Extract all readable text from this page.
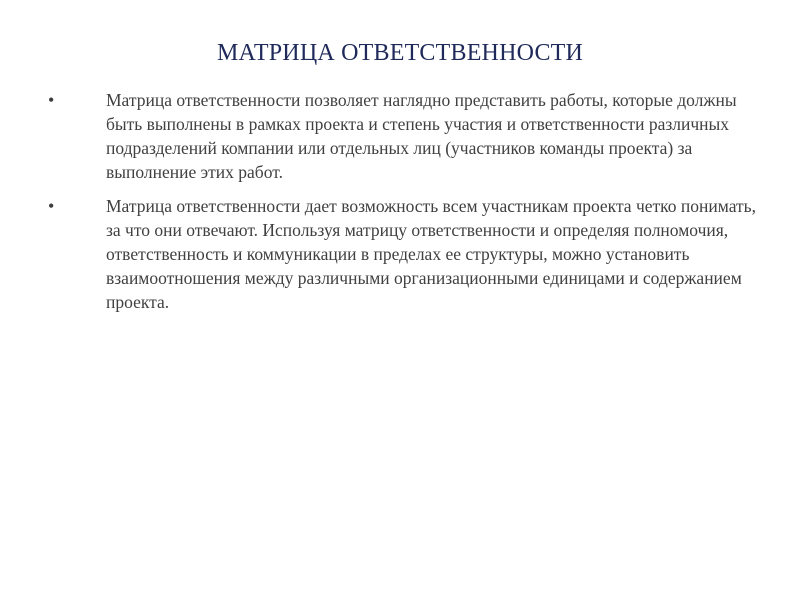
МАТРИЦА ОТВЕТСТВЕННОСТИ
•	Матрица ответственности позволяет наглядно представить работы, которые должны быть выполнены в рамках проекта и степень участия и ответственности различных подразделений компании или отдельных лиц (участников команды проекта) за выполнение этих работ.
•	Матрица ответственности дает возможность всем участникам проекта четко понимать, за что они отвечают. Используя матрицу ответственности и определяя полномочия, ответственность и коммуникации в пределах ее структуры, можно установить взаимоотношения между различными организационными единицами и содержанием проекта.
